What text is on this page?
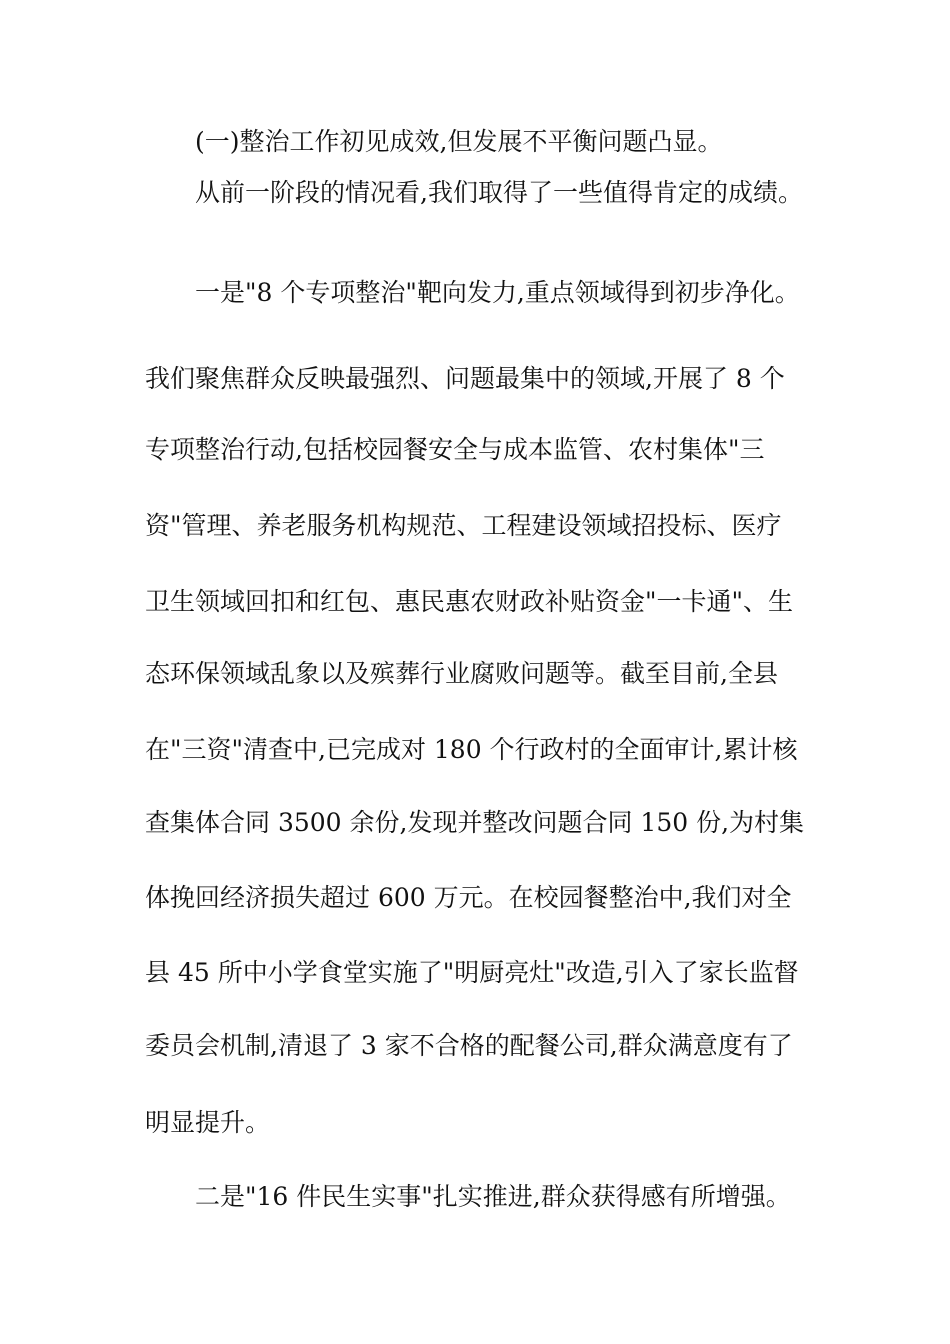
(一)整治工作初见成效,但发展不平衡问题凸显。

从前一阶段的情况看,我们取得了一些值得肯定的成绩。

一是"8 个专项整治"靶向发力,重点领域得到初步净化。

我们聚焦群众反映最强烈、问题最集中的领域,开展了 8 个

专项整治行动,包括校园餐安全与成本监管、农村集体"三

资"管理、养老服务机构规范、工程建设领域招投标、医疗

卫生领域回扣和红包、惠民惠农财政补贴资金"一卡通"、生

态环保领域乱象以及殡葬行业腐败问题等。截至目前,全县

在"三资"清查中,已完成对 180 个行政村的全面审计,累计核

查集体合同 3500 余份,发现并整改问题合同 150 份,为村集

体挽回经济损失超过 600 万元。在校园餐整治中,我们对全

县 45 所中小学食堂实施了"明厨亮灶"改造,引入了家长监督

委员会机制,清退了 3 家不合格的配餐公司,群众满意度有了

明显提升。

二是"16 件民生实事"扎实推进,群众获得感有所增强。
